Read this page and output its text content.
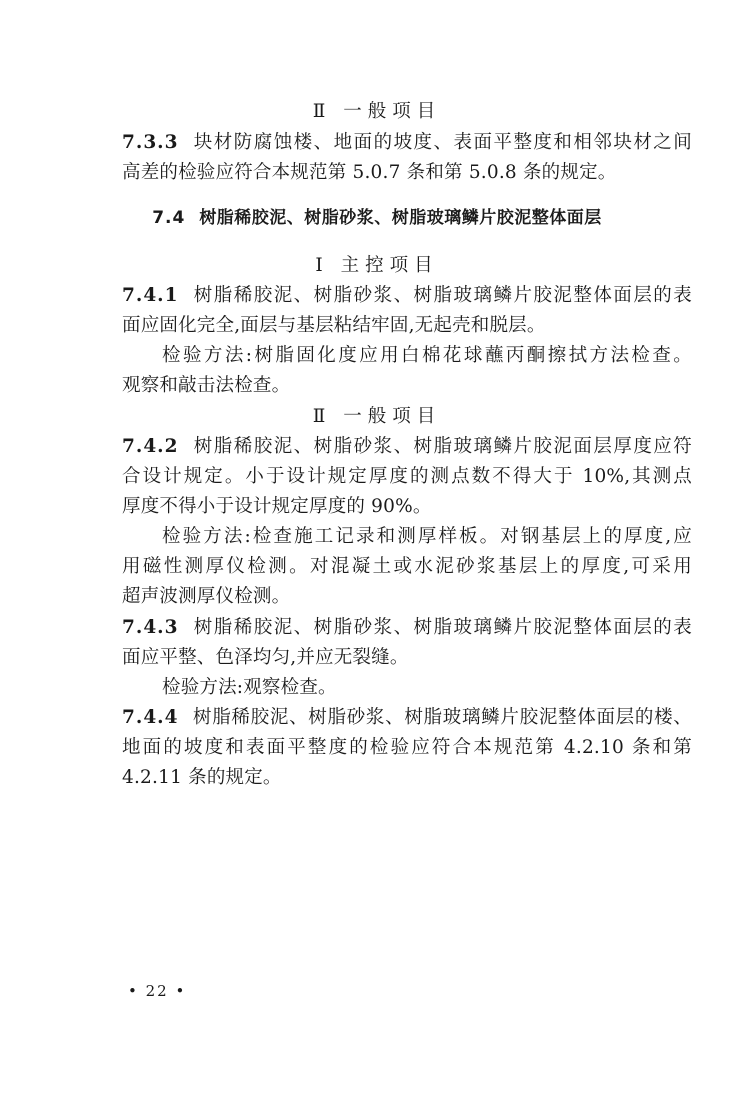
Ⅱ 一般项目
7.3.3 块材防腐蚀楼、地面的坡度、表面平整度和相邻块材之间
高差的检验应符合本规范第 5.0.7 条和第 5.0.8 条的规定。
7.4 树脂稀胶泥、树脂砂浆、树脂玻璃鳞片胶泥整体面层
Ⅰ 主控项目
7.4.1 树脂稀胶泥、树脂砂浆、树脂玻璃鳞片胶泥整体面层的表
面应固化完全,面层与基层粘结牢固,无起壳和脱层。
检验方法:树脂固化度应用白棉花球蘸丙酮擦拭方法检查。
观察和敲击法检查。
Ⅱ 一般项目
7.4.2 树脂稀胶泥、树脂砂浆、树脂玻璃鳞片胶泥面层厚度应符
合设计规定。小于设计规定厚度的测点数不得大于 10%,其测点
厚度不得小于设计规定厚度的 90%。
检验方法:检查施工记录和测厚样板。对钢基层上的厚度,应
用磁性测厚仪检测。对混凝土或水泥砂浆基层上的厚度,可采用
超声波测厚仪检测。
7.4.3 树脂稀胶泥、树脂砂浆、树脂玻璃鳞片胶泥整体面层的表
面应平整、色泽均匀,并应无裂缝。
检验方法:观察检查。
7.4.4 树脂稀胶泥、树脂砂浆、树脂玻璃鳞片胶泥整体面层的楼、
地面的坡度和表面平整度的检验应符合本规范第 4.2.10 条和第
4.2.11 条的规定。
• 22 •
